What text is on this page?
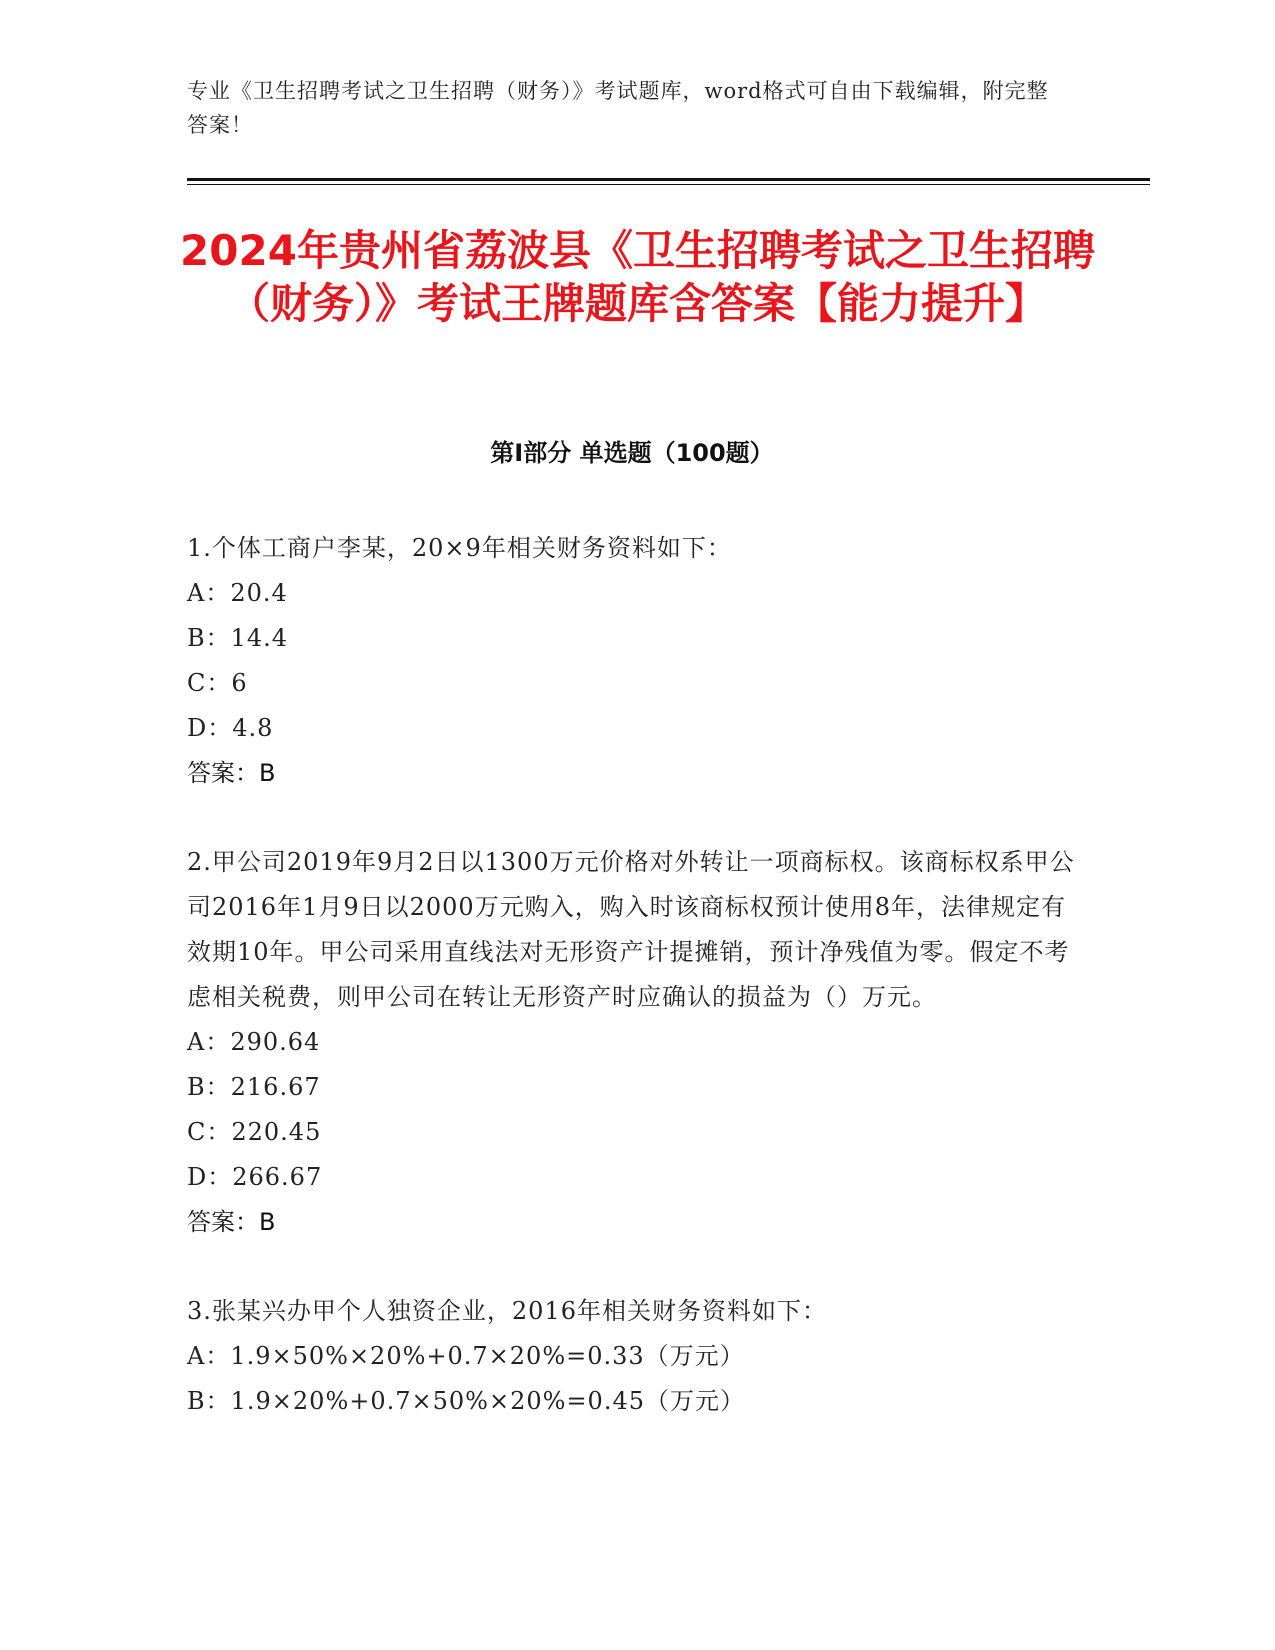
专业《卫生招聘考试之卫生招聘（财务）》考试题库，word格式可自由下载编辑，附完整答案！
2024年贵州省荔波县《卫生招聘考试之卫生招聘（财务）》考试王牌题库含答案【能力提升】
第Ⅰ部分 单选题（100题）
1.个体工商户李某，20×9年相关财务资料如下：
A：20.4
B：14.4
C：6
D：4.8
答案：B
2.甲公司2019年9月2日以1300万元价格对外转让一项商标权。该商标权系甲公司2016年1月9日以2000万元购入，购入时该商标权预计使用8年，法律规定有效期10年。甲公司采用直线法对无形资产计提摊销，预计净残值为零。假定不考虑相关税费，则甲公司在转让无形资产时应确认的损益为（）万元。
A：290.64
B：216.67
C：220.45
D：266.67
答案：B
3.张某兴办甲个人独资企业，2016年相关财务资料如下：
A：1.9×50%×20%+0.7×20%=0.33（万元）
B：1.9×20%+0.7×50%×20%=0.45（万元）
